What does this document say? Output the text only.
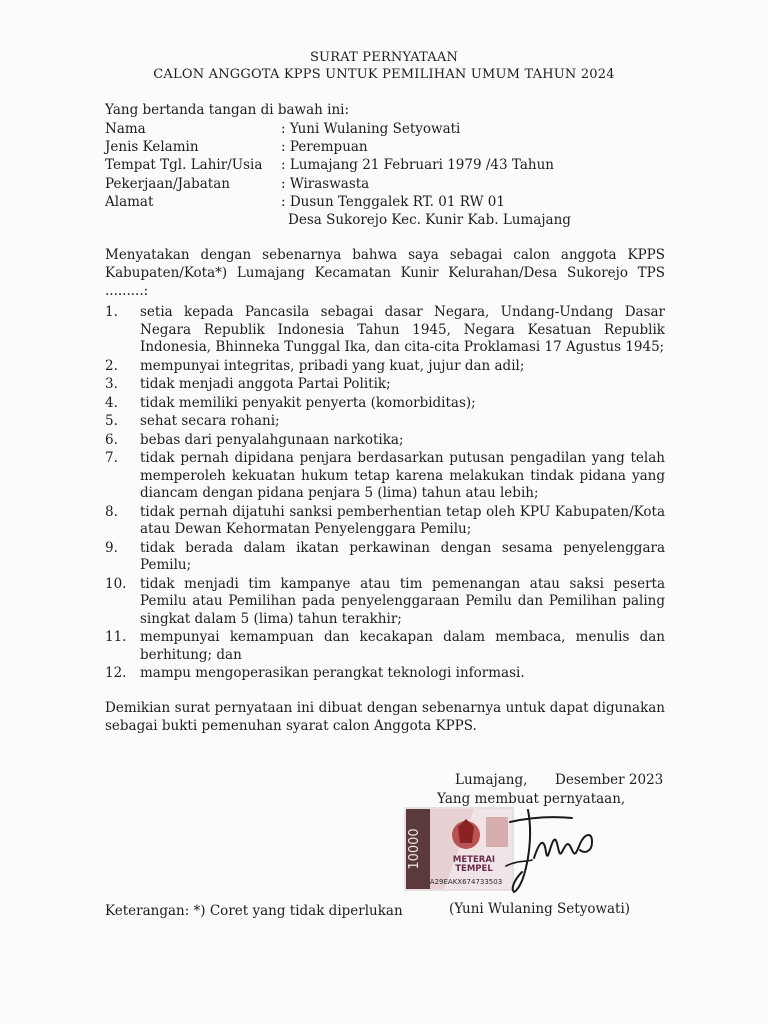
SURAT PERNYATAAN
CALON ANGGOTA KPPS UNTUK PEMILIHAN UMUM TAHUN 2024
Yang bertanda tangan di bawah ini:
Nama	: Yuni Wulaning Setyowati
Jenis Kelamin	: Perempuan
Tempat Tgl. Lahir/Usia : Lumajang 21 Februari 1979 /43 Tahun
Pekerjaan/Jabatan	: Wiraswasta
Alamat	: Dusun Tenggalek RT. 01 RW 01
Desa Sukorejo Kec. Kunir Kab. Lumajang
Menyatakan dengan sebenarnya bahwa saya sebagai calon anggota KPPS Kabupaten/Kota*) Lumajang Kecamatan Kunir Kelurahan/Desa Sukorejo TPS .........:
1. setia kepada Pancasila sebagai dasar Negara, Undang-Undang Dasar Negara Republik Indonesia Tahun 1945, Negara Kesatuan Republik Indonesia, Bhinneka Tunggal Ika, dan cita-cita Proklamasi 17 Agustus 1945;
2. mempunyai integritas, pribadi yang kuat, jujur dan adil;
3. tidak menjadi anggota Partai Politik;
4. tidak memiliki penyakit penyerta (komorbiditas);
5. sehat secara rohani;
6. bebas dari penyalahgunaan narkotika;
7. tidak pernah dipidana penjara berdasarkan putusan pengadilan yang telah memperoleh kekuatan hukum tetap karena melakukan tindak pidana yang diancam dengan pidana penjara 5 (lima) tahun atau lebih;
8. tidak pernah dijatuhi sanksi pemberhentian tetap oleh KPU Kabupaten/Kota atau Dewan Kehormatan Penyelenggara Pemilu;
9. tidak berada dalam ikatan perkawinan dengan sesama penyelenggara Pemilu;
10. tidak menjadi tim kampanye atau tim pemenangan atau saksi peserta Pemilu atau Pemilihan pada penyelenggaraan Pemilu dan Pemilihan paling singkat dalam 5 (lima) tahun terakhir;
11. mempunyai kemampuan dan kecakapan dalam membaca, menulis dan berhitung; dan
12. mampu mengoperasikan perangkat teknologi informasi.
Demikian surat pernyataan ini dibuat dengan sebenarnya untuk dapat digunakan sebagai bukti pemenuhan syarat calon Anggota KPPS.
Lumajang, Desember 2023
Yang membuat pernyataan,
10000	METERAI
TEMPEL
A29EAKX674733503
Keterangan: *) Coret yang tidak diperlukan	(Yuni Wulaning Setyowati)
